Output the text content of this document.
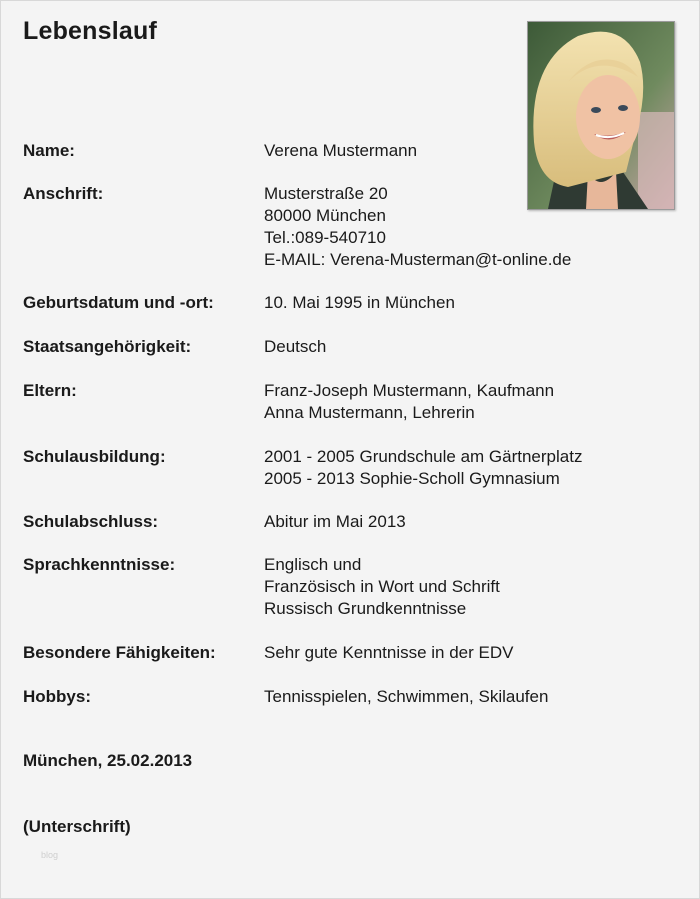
Lebenslauf
Name:	Verena Mustermann
Anschrift:	Musterstraße 20
80000 München
Tel.:089-540710
E-MAIL: Verena-Musterman@t-online.de
Geburtsdatum und -ort:	10. Mai 1995 in München
Staatsangehörigkeit:	Deutsch
Eltern:	Franz-Joseph Mustermann, Kaufmann
Anna Mustermann, Lehrerin
Schulausbildung:	2001 - 2005 Grundschule am Gärtnerplatz
2005 - 2013 Sophie-Scholl Gymnasium
Schulabschluss:	Abitur im Mai 2013
Sprachkenntnisse:	Englisch und
Französisch in Wort und Schrift
Russisch Grundkenntnisse
Besondere Fähigkeiten:	Sehr gute Kenntnisse in der EDV
Hobbys:	Tennisspielen, Schwimmen, Skilaufen
München, 25.02.2013
(Unterschrift)
blog
